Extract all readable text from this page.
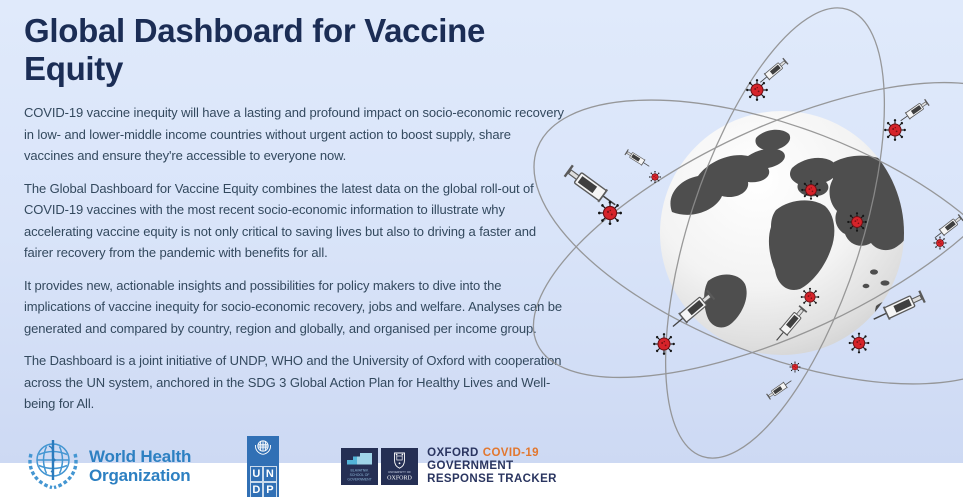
Global Dashboard for Vaccine Equity

COVID-19 vaccine inequity will have a lasting and profound impact on socio-economic recovery in low- and lower-middle income countries without urgent action to boost supply, share vaccines and ensure they're accessible to everyone now.

The Global Dashboard for Vaccine Equity combines the latest data on the global roll-out of COVID-19 vaccines with the most recent socio-economic information to illustrate why accelerating vaccine equity is not only critical to saving lives but also to driving a faster and fairer recovery from the pandemic with benefits for all.

It provides new, actionable insights and possibilities for policy makers to dive into the implications of vaccine inequity for socio-economic recovery, jobs and welfare. Analyses can be generated and compared by country, region and globally, and organised per income group.

The Dashboard is a joint initiative of UNDP, WHO and the University of Oxford with cooperation across the UN system, anchored in the SDG 3 Global Action Plan for Healthy Lives and Well-being for All.

World Health
Organization	U N
D P
BLAVATNIK
SCHOOL OF
GOVERNMENT
UNIVERSITY OF
OXFORD
OXFORD COVID-19
GOVERNMENT
RESPONSE TRACKER
